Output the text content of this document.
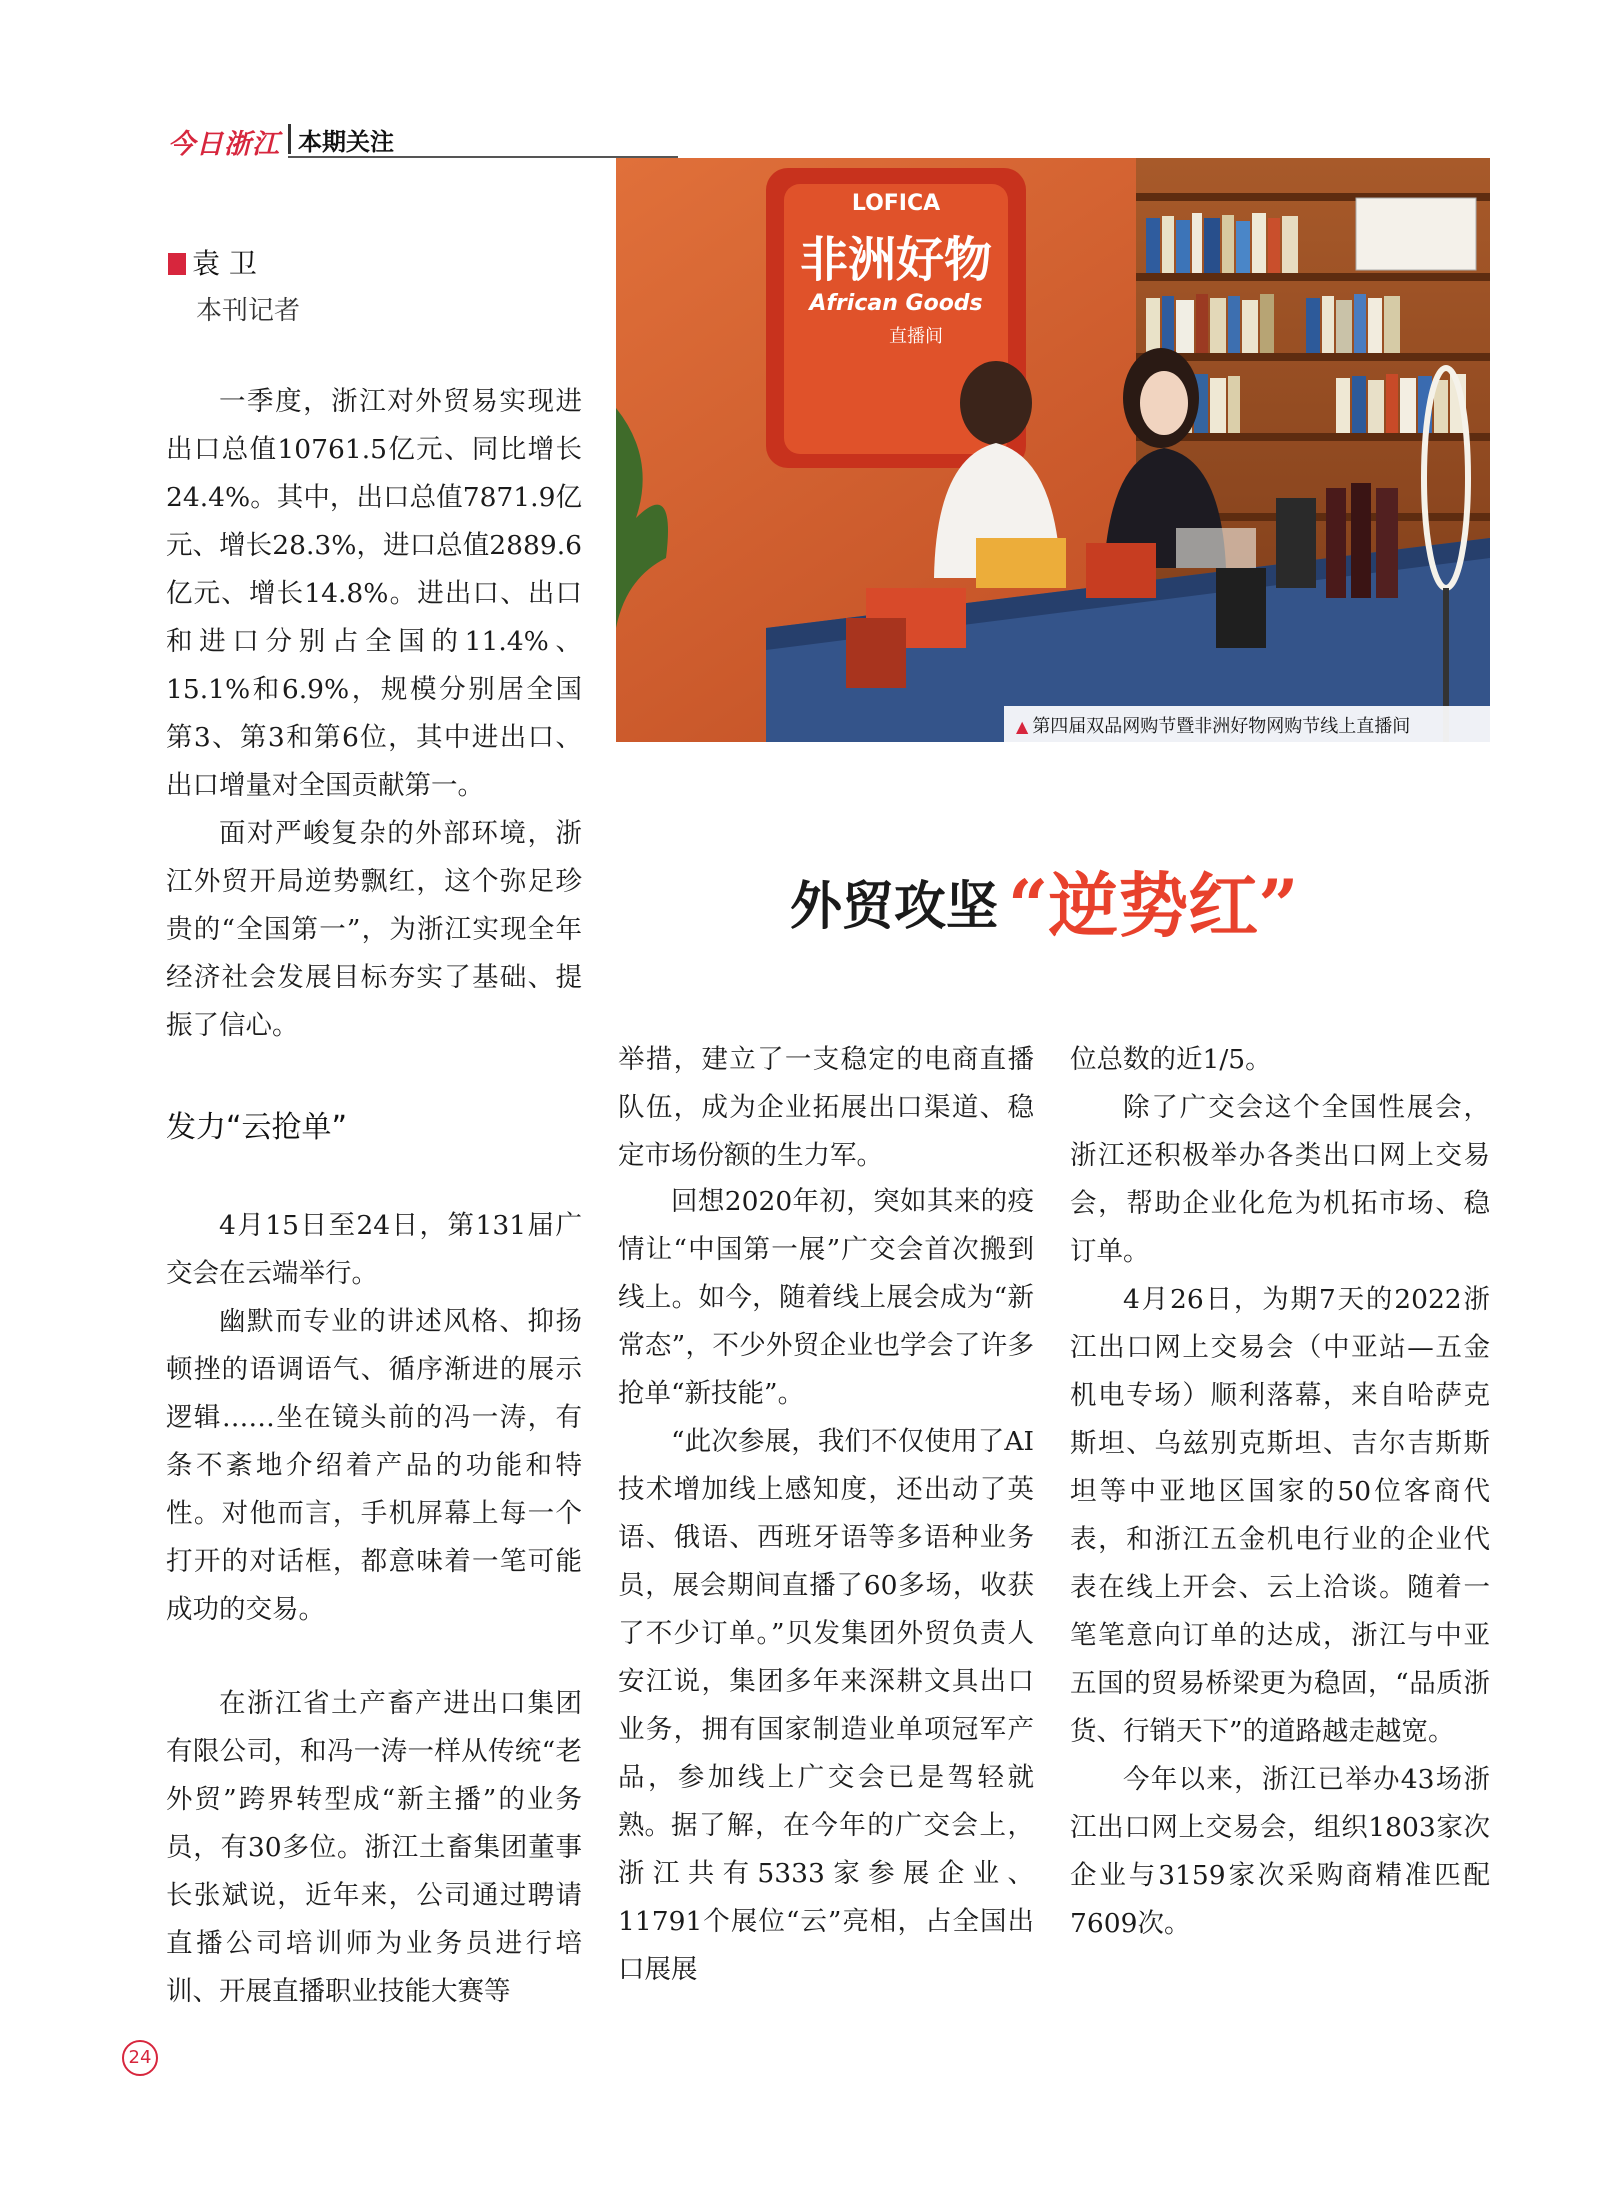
今日浙江 本期关注
袁 卫
本刊记者

一季度，浙江对外贸易实现进出口总值10761.5亿元、同比增长24.4%。其中，出口总值7871.9亿元、增长28.3%，进口总值2889.6亿元、增长14.8%。进出口、出口和进口分别占全国的11.4%、15.1%和6.9%，规模分别居全国第3、第3和第6位，其中进出口、出口增量对全国贡献第一。

面对严峻复杂的外部环境，浙江外贸开局逆势飘红，这个弥足珍贵的“全国第一”，为浙江实现全年经济社会发展目标夯实了基础、提振了信心。

发力“云抢单”

4月15日至24日，第131届广交会在云端举行。

幽默而专业的讲述风格、抑扬顿挫的语调语气、循序渐进的展示逻辑……坐在镜头前的冯一涛，有条不紊地介绍着产品的功能和特性。对他而言，手机屏幕上每一个打开的对话框，都意味着一笔可能成功的交易。

在浙江省土产畜产进出口集团有限公司，和冯一涛一样从传统“老外贸”跨界转型成“新主播”的业务员，有30多位。浙江土畜集团董事长张斌说，近年来，公司通过聘请直播公司培训师为业务员进行培训、开展直播职业技能大赛等

举措，建立了一支稳定的电商直播队伍，成为企业拓展出口渠道、稳定市场份额的生力军。

回想2020年初，突如其来的疫情让“中国第一展”广交会首次搬到线上。如今，随着线上展会成为“新常态”，不少外贸企业也学会了许多抢单“新技能”。

“此次参展，我们不仅使用了AI技术增加线上感知度，还出动了英语、俄语、西班牙语等多语种业务员，展会期间直播了60多场，收获了不少订单。”贝发集团外贸负责人安江说，集团多年来深耕文具出口业务，拥有国家制造业单项冠军产品，参加线上广交会已是驾轻就熟。 据了解，在今年的广交会上，浙江共有5333家参展企业、11791个展位“云”亮相，占全国出口展展

位总数的近1/5。

除了广交会这个全国性展会，浙江还积极举办各类出口网上交易会，帮助企业化危为机拓市场、稳订单。

4月26日，为期7天的2022浙江出口网上交易会（中亚站—五金机电专场）顺利落幕，来自哈萨克斯坦、乌兹别克斯坦、吉尔吉斯斯坦等中亚地区国家的50位客商代表，和浙江五金机电行业的企业代表在线上开会、云上洽谈。随着一笔笔意向订单的达成，浙江与中亚五国的贸易桥梁更为稳固，“品质浙货、行销天下”的道路越走越宽。

今年以来，浙江已举办43场浙江出口网上交易会，组织1803家次企业与3159家次采购商精准匹配7609次。

LOFICA
非洲好物
African Goods
直播间
▲ 第四届双品网购节暨非洲好物网购节线上直播间
外贸攻坚 “逆势红”
24
